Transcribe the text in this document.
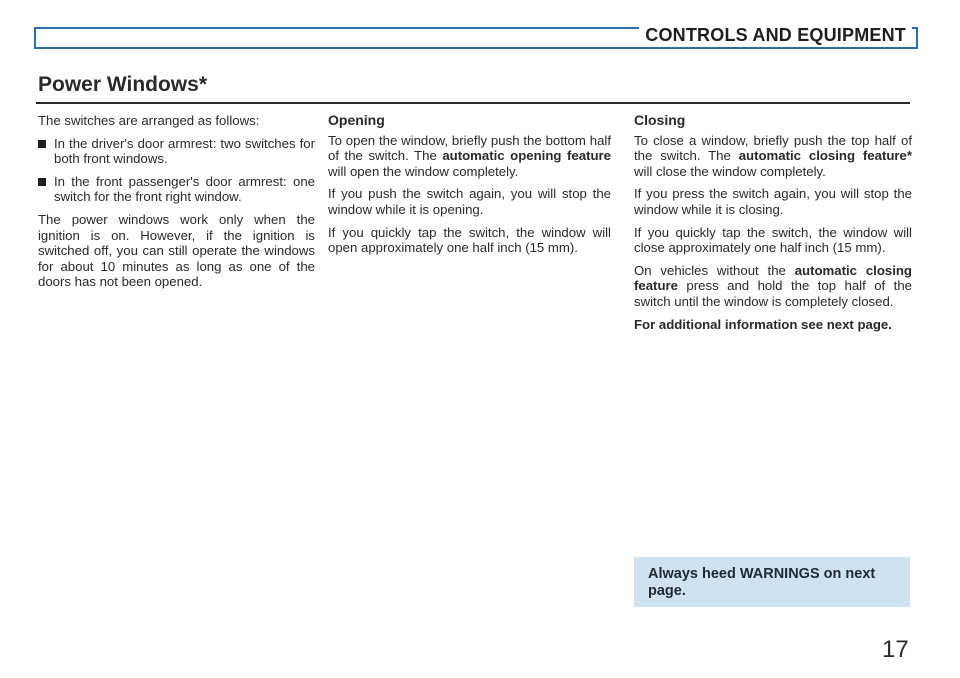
CONTROLS AND EQUIPMENT
Power Windows*

The switches are arranged as follows:

In the driver's door armrest: two switches for both front windows.

In the front passenger's door armrest: one switch for the front right window.

The power windows work only when the ignition is on. However, if the ignition is switched off, you can still operate the windows for about 10 minutes as long as one of the doors has not been opened.

Opening

To open the window, briefly push the bottom half of the switch. The automatic opening feature will open the window completely.

If you push the switch again, you will stop the window while it is opening.

If you quickly tap the switch, the window will open approximately one half inch (15 mm).

Closing

To close a window, briefly push the top half of the switch. The automatic closing feature* will close the window completely.

If you press the switch again, you will stop the window while it is closing.

If you quickly tap the switch, the window will close approximately one half inch (15 mm).

On vehicles without the automatic closing feature press and hold the top half of the switch until the window is completely closed.

For additional information see next page.

Always heed WARNINGS on next page.
17
